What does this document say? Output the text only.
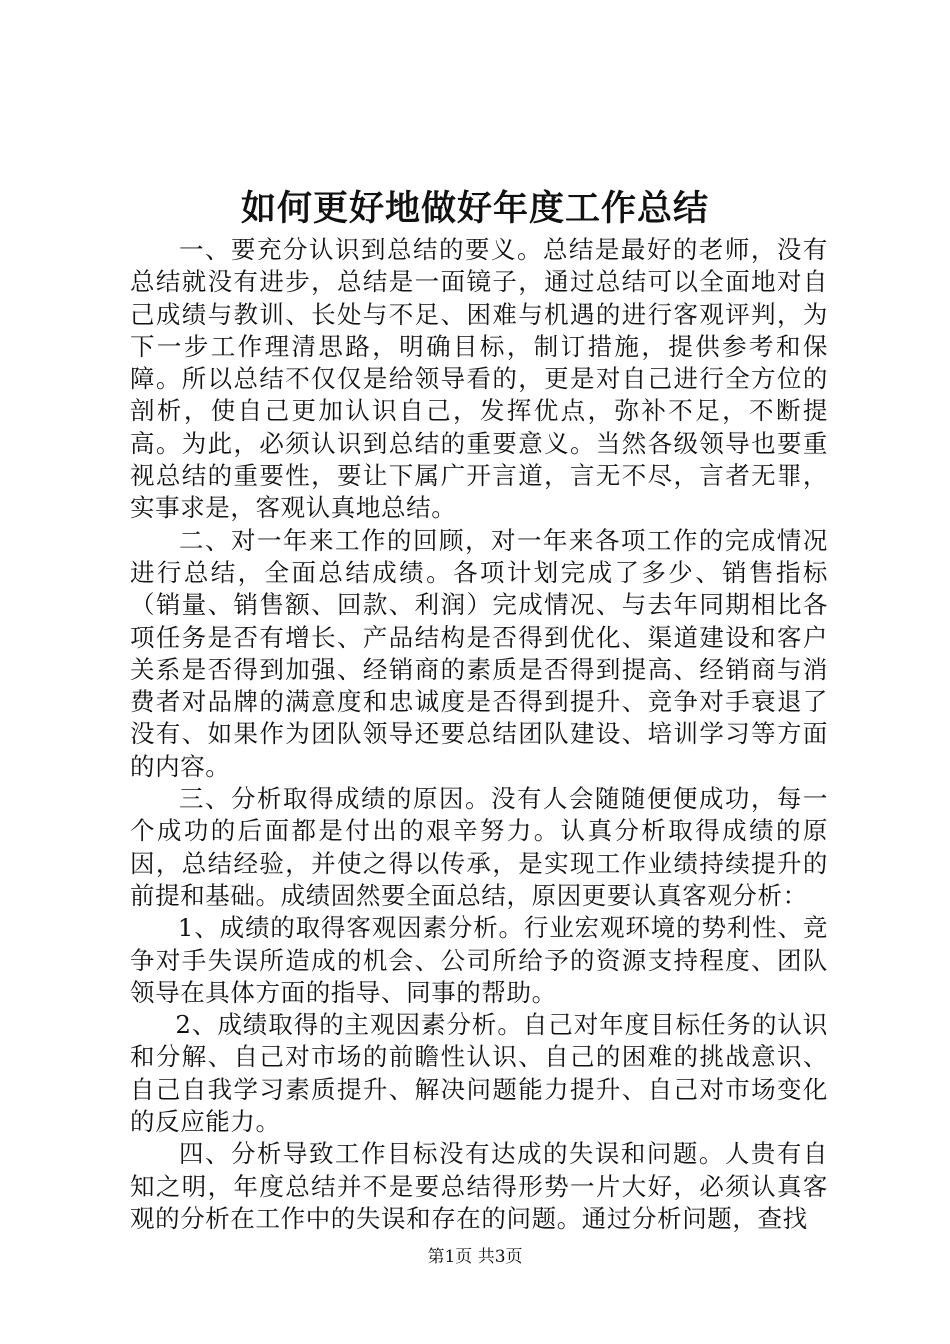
如何更好地做好年度工作总结

一、要充分认识到总结的要义。总结是最好的老师，没有总结就没有进步，总结是一面镜子，通过总结可以全面地对自己成绩与教训、长处与不足、困难与机遇的进行客观评判，为下一步工作理清思路，明确目标，制订措施，提供参考和保障。所以总结不仅仅是给领导看的，更是对自己进行全方位的剖析，使自己更加认识自己，发挥优点，弥补不足，不断提高。为此，必须认识到总结的重要意义。当然各级领导也要重视总结的重要性，要让下属广开言道，言无不尽，言者无罪，实事求是，客观认真地总结。

二、对一年来工作的回顾，对一年来各项工作的完成情况进行总结，全面总结成绩。各项计划完成了多少、销售指标（销量、销售额、回款、利润）完成情况、与去年同期相比各项任务是否有增长、产品结构是否得到优化、渠道建设和客户关系是否得到加强、经销商的素质是否得到提高、经销商与消费者对品牌的满意度和忠诚度是否得到提升、竞争对手衰退了没有、如果作为团队领导还要总结团队建设、培训学习等方面的内容。

三、分析取得成绩的原因。没有人会随随便便成功，每一个成功的后面都是付出的艰辛努力。认真分析取得成绩的原因，总结经验，并使之得以传承，是实现工作业绩持续提升的前提和基础。成绩固然要全面总结，原因更要认真客观分析：

1、成绩的取得客观因素分析。行业宏观环境的势利性、竞争对手失误所造成的机会、公司所给予的资源支持程度、团队领导在具体方面的指导、同事的帮助。

2、成绩取得的主观因素分析。自己对年度目标任务的认识和分解、自己对市场的前瞻性认识、自己的困难的挑战意识、自己自我学习素质提升、解决问题能力提升、自己对市场变化的反应能力。

四、分析导致工作目标没有达成的失误和问题。人贵有自知之明，年度总结并不是要总结得形势一片大好，必须认真客观的分析在工作中的失误和存在的问题。通过分析问题，查找

第1页 共3页
